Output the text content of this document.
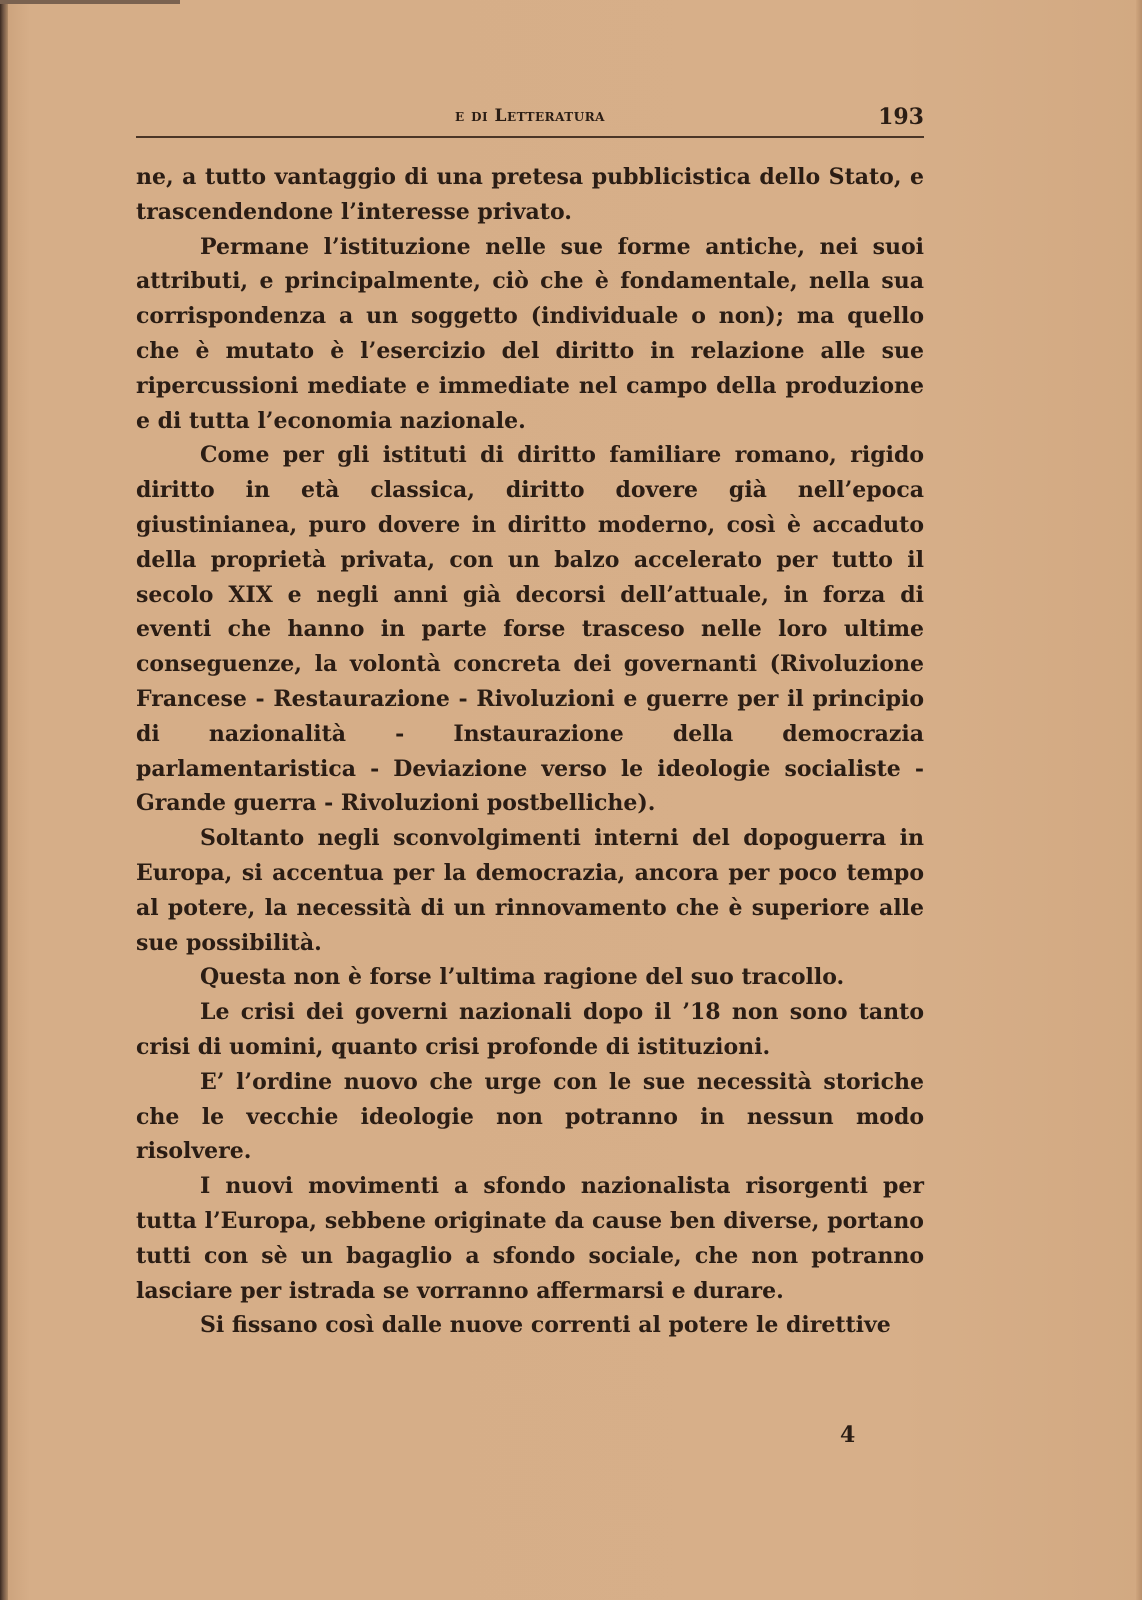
e di Letteratura	193

ne, a tutto vantaggio di una pretesa pubblicistica dello Stato, e trascendendone l’interesse privato.

Permane l’istituzione nelle sue forme antiche, nei suoi attributi, e principalmente, ciò che è fondamentale, nella sua corrispondenza a un soggetto (individuale o non); ma quello che è mutato è l’esercizio del diritto in relazione alle sue ripercussioni mediate e immediate nel campo della produzione e di tutta l’economia nazionale.

Come per gli istituti di diritto familiare romano, rigido diritto in età classica, diritto dovere già nell’epoca giustinianea, puro dovere in diritto moderno, così è accaduto della proprietà privata, con un balzo accelerato per tutto il secolo XIX e negli anni già decorsi dell’attuale, in forza di eventi che hanno in parte forse trasceso nelle loro ultime conseguenze, la volontà concreta dei governanti (Rivoluzione Francese - Restaurazione - Rivoluzioni e guerre per il principio di nazionalità - Instaurazione della democrazia parlamentaristica - Deviazione verso le ideologie socialiste - Grande guerra - Rivoluzioni postbelliche).

Soltanto negli sconvolgimenti interni del dopoguerra in Europa, si accentua per la democrazia, ancora per poco tempo al potere, la necessità di un rinnovamento che è superiore alle sue possibilità.

Questa non è forse l’ultima ragione del suo tracollo.

Le crisi dei governi nazionali dopo il ’18 non sono tanto crisi di uomini, quanto crisi profonde di istituzioni.

E’ l’ordine nuovo che urge con le sue necessità storiche che le vecchie ideologie non potranno in nessun modo risolvere.

I nuovi movimenti a sfondo nazionalista risorgenti per tutta l’Europa, sebbene originate da cause ben diverse, portano tutti con sè un bagaglio a sfondo sociale, che non potranno lasciare per istrada se vorranno affermarsi e durare.

Si fissano così dalle nuove correnti al potere le direttive

4
